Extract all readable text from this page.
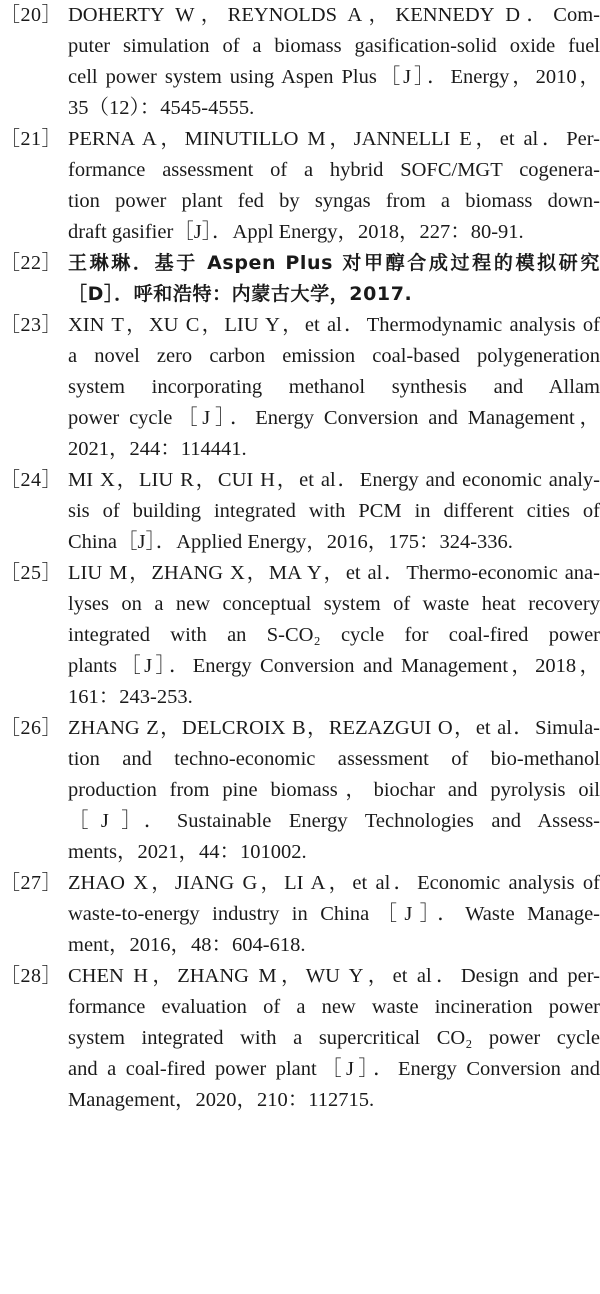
［20］ DOHERTY W，REYNOLDS A，KENNEDY D．Com-
puter simulation of a biomass gasification-solid oxide fuel
cell power system using Aspen Plus［J］．Energy，2010，
35（12）：4545-4555.
［21］ PERNA A，MINUTILLO M，JANNELLI E，et al．Per-
formance assessment of a hybrid SOFC/MGT cogenera-
tion power plant fed by syngas from a biomass down-
draft gasifier［J］．Appl Energy，2018，227：80-91.
［22］ 王琳琳．基于 Aspen Plus 对甲醇合成过程的模拟研究
［D］．呼和浩特：内蒙古大学，2017.
［23］ XIN T，XU C，LIU Y，et al．Thermodynamic analysis of
a novel zero carbon emission coal-based polygeneration
system incorporating methanol synthesis and Allam
power cycle［J］．Energy Conversion and Management，
2021，244：114441.
［24］ MI X，LIU R，CUI H，et al．Energy and economic analy-
sis of building integrated with PCM in different cities of
China［J］．Applied Energy，2016，175：324-336.
［25］ LIU M，ZHANG X，MA Y，et al．Thermo-economic ana-
lyses on a new conceptual system of waste heat recovery
integrated with an S-CO₂ cycle for coal-fired power
plants［J］．Energy Conversion and Management，2018，
161：243-253.
［26］ ZHANG Z，DELCROIX B，REZAZGUI O，et al．Simula-
tion and techno-economic assessment of bio-methanol
production from pine biomass，biochar and pyrolysis oil
［J］．Sustainable Energy Technologies and Assess-
ments，2021，44：101002.
［27］ ZHAO X，JIANG G，LI A，et al．Economic analysis of
waste-to-energy industry in China［J］．Waste Manage-
ment，2016，48：604-618.
［28］ CHEN H，ZHANG M，WU Y，et al．Design and per-
formance evaluation of a new waste incineration power
system integrated with a supercritical CO₂ power cycle
and a coal-fired power plant［J］．Energy Conversion and
Management，2020，210：112715.
